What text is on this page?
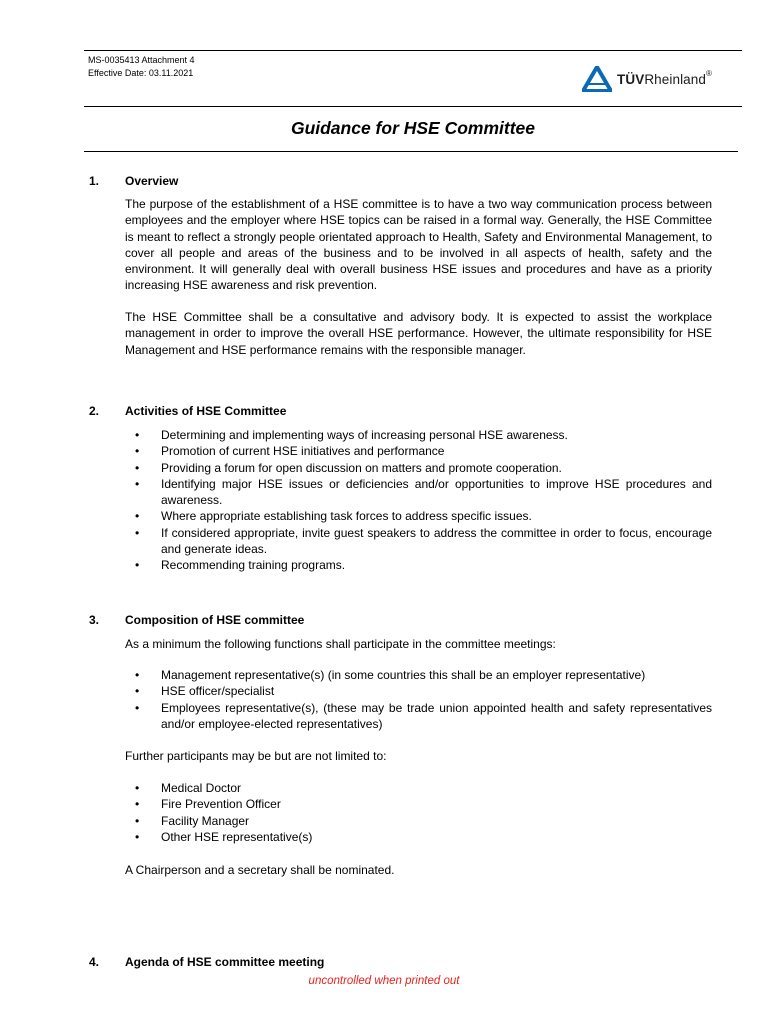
MS-0035413 Attachment 4
Effective Date: 03.11.2021	TÜVRheinland®
Guidance for HSE Committee
1. Overview

The purpose of the establishment of a HSE committee is to have a two way communication process between employees and the employer where HSE topics can be raised in a formal way. Generally, the HSE Committee is meant to reflect a strongly people orientated approach to Health, Safety and Environmental Management, to cover all people and areas of the business and to be involved in all aspects of health, safety and the environment. It will generally deal with overall business HSE issues and procedures and have as a priority increasing HSE awareness and risk prevention.

The HSE Committee shall be a consultative and advisory body. It is expected to assist the workplace management in order to improve the overall HSE performance. However, the ultimate responsibility for HSE Management and HSE performance remains with the responsible manager.

2. Activities of HSE Committee
• Determining and implementing ways of increasing personal HSE awareness.
• Promotion of current HSE initiatives and performance
• Providing a forum for open discussion on matters and promote cooperation.
• Identifying major HSE issues or deficiencies and/or opportunities to improve HSE procedures and awareness.
• Where appropriate establishing task forces to address specific issues.
• If considered appropriate, invite guest speakers to address the committee in order to focus, encourage and generate ideas.
• Recommending training programs.
3. Composition of HSE committee

As a minimum the following functions shall participate in the committee meetings:

• Management representative(s) (in some countries this shall be an employer representative)
• HSE officer/specialist
• Employees representative(s), (these may be trade union appointed health and safety representatives and/or employee-elected representatives)

Further participants may be but are not limited to:

• Medical Doctor
• Fire Prevention Officer
• Facility Manager
• Other HSE representative(s)

A Chairperson and a secretary shall be nominated.

4. Agenda of HSE committee meeting
uncontrolled when printed out
